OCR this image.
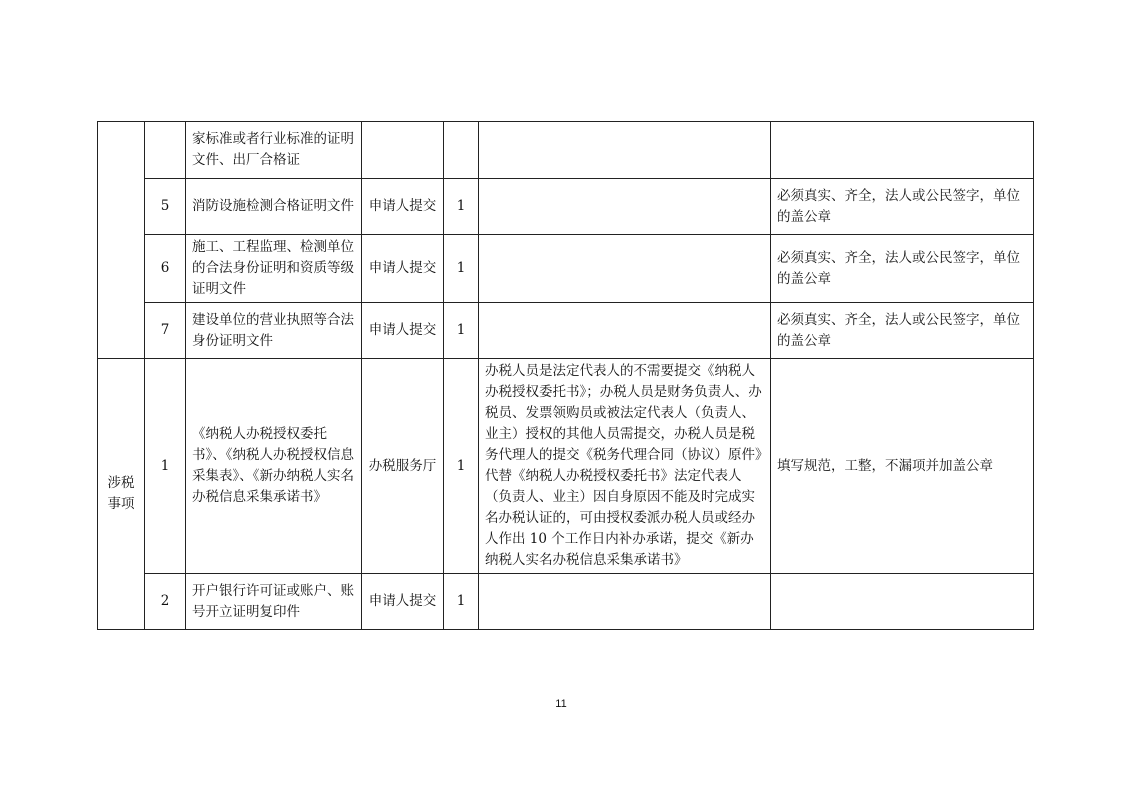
		家标准或者行业标准的证明文件、出厂合格证				
	5	消防设施检测合格证明文件	申请人提交	1		必须真实、齐全，法人或公民签字，单位的盖公章
	6	施工、工程监理、检测单位的合法身份证明和资质等级证明文件	申请人提交	1		必须真实、齐全，法人或公民签字，单位的盖公章
	7	建设单位的营业执照等合法身份证明文件	申请人提交	1		必须真实、齐全，法人或公民签字，单位的盖公章
涉税事项	1	《纳税人办税授权委托书》、《纳税人办税授权信息采集表》、《新办纳税人实名办税信息采集承诺书》	办税服务厅	1	办税人员是法定代表人的不需要提交《纳税人办税授权委托书》；办税人员是财务负责人、办税员、发票领购员或被法定代表人（负责人、业主）授权的其他人员需提交，办税人员是税务代理人的提交《税务代理合同（协议）原件》代替《纳税人办税授权委托书》法定代表人（负责人、业主）因自身原因不能及时完成实名办税认证的，可由授权委派办税人员或经办人作出 10 个工作日内补办承诺，提交《新办纳税人实名办税信息采集承诺书》	填写规范，工整，不漏项并加盖公章
	2	开户银行许可证或账户、账号开立证明复印件	申请人提交	1		
11
